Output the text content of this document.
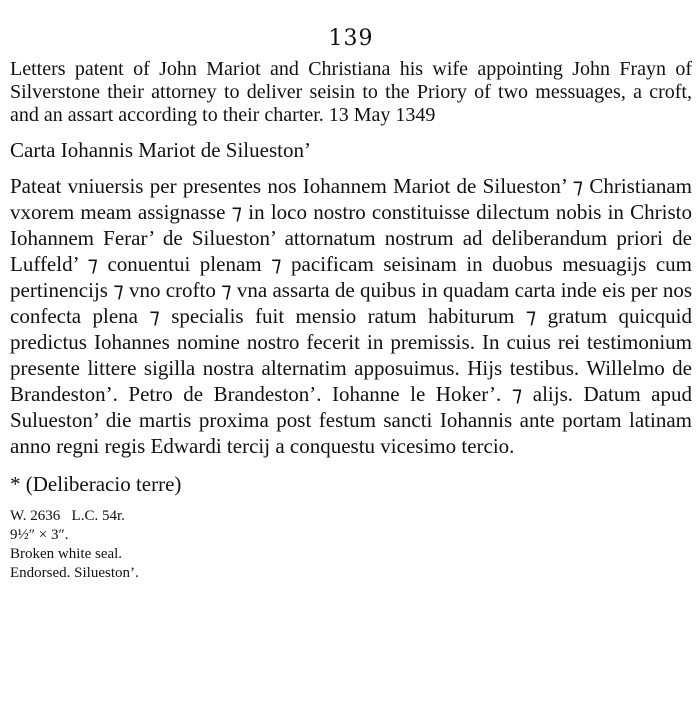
139

Letters patent of John Mariot and Christiana his wife appointing John Frayn of Silverstone their attorney to deliver seisin to the Priory of two messuages, a croft, and an assart according to their charter. 13 May 1349

Carta Iohannis Mariot de Silueston’

Pateat vniuersis per presentes nos Iohannem Mariot de Silueston’ ⁊ Christianam vxorem meam assignasse ⁊ in loco nostro constituisse dilectum nobis in Christo Iohannem Ferar’ de Silueston’ attornatum nostrum ad deliberandum priori de Luffeld’ ⁊ conuentui plenam ⁊ pacificam seisinam in duobus mesuagijs cum pertinencijs ⁊ vno crofto ⁊ vna assarta de quibus in quadam carta inde eis per nos confecta plena ⁊ specialis fuit mensio ratum habiturum ⁊ gratum quicquid predictus Iohannes nomine nostro fecerit in premissis. In cuius rei testimonium presente littere sigilla nostra alternatim apposuimus. Hijs testibus. Willelmo de Brandeston’. Petro de Brandeston’. Iohanne le Hoker’. ⁊ alijs. Datum apud Sulueston’ die martis proxima post festum sancti Iohannis ante portam latinam anno regni regis Edwardi tercij a conquestu vicesimo tercio.

* (Deliberacio terre)
W. 2636   L.C. 54r.
9½″ × 3″.
Broken white seal.
Endorsed. Silueston’.
